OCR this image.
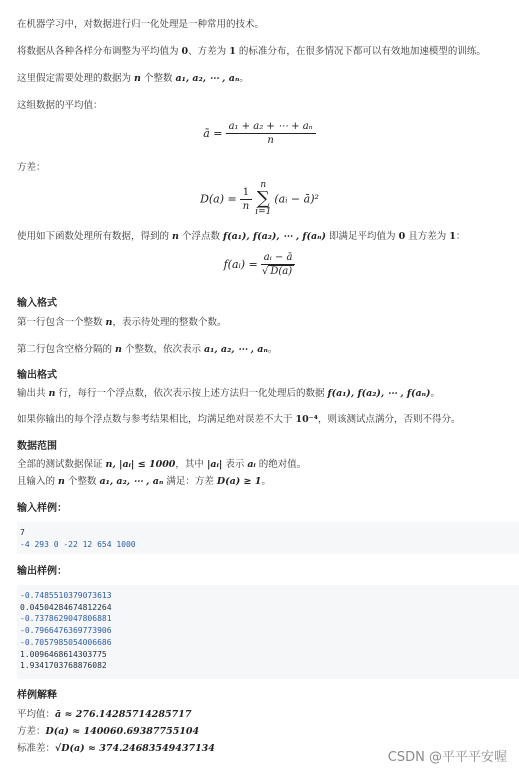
在机器学习中，对数据进行归一化处理是一种常用的技术。
将数据从各种各样分布调整为平均值为 0、方差为 1 的标准分布，在很多情况下都可以有效地加速模型的训练。
这里假定需要处理的数据为 n 个整数 a₁, a₂, ⋯ , aₙ。
这组数据的平均值：
ā = $\frac{\text{a₁ + a₂ + ⋯ + aₙ}}{n}$
方差：
$D(a) = \frac{1}{n}$
n
∑
i=1 (aᵢ − ā)²
使用如下函数处理所有数据，得到的 n 个浮点数 f(a₁), f(a₂), ⋯ , f(aₙ) 即满足平均值为 0 且方差为 1：
f(aᵢ) = $\frac{\text{aᵢ − ā}}{√ D(a)}$
输入格式
第一行包含一个整数 n，表示待处理的整数个数。
第二行包含空格分隔的 n 个整数，依次表示 a₁, a₂, ⋯ , aₙ。
输出格式
输出共 n 行，每行一个浮点数，依次表示按上述方法归一化处理后的数据 f(a₁), f(a₂), ⋯ , f(aₙ)。
如果你输出的每个浮点数与参考结果相比，均满足绝对误差不大于 10⁻⁴，则该测试点满分，否则不得分。
数据范围
全部的测试数据保证 n, |aᵢ| ≤ 1000，其中 |aᵢ| 表示 aᵢ 的绝对值。
且输入的 n 个整数 a₁, a₂, ⋯ , aₙ 满足：方差 D(a) ≥ 1。
输入样例：
7
-4 293 0 -22 12 654 1000
输出样例：
-0.7485510379073613
0.04504284674812264
-0.7378629047806881
-0.7966476369773906
-0.7057985054006686
1.0096468614303775
1.9341703768876082
样例解释
平均值：ā ≈ 276.14285714285717
方差：D(a) ≈ 140060.69387755104
标准差：√D(a) ≈ 374.24683549437134
CSDN @平平平安喔
